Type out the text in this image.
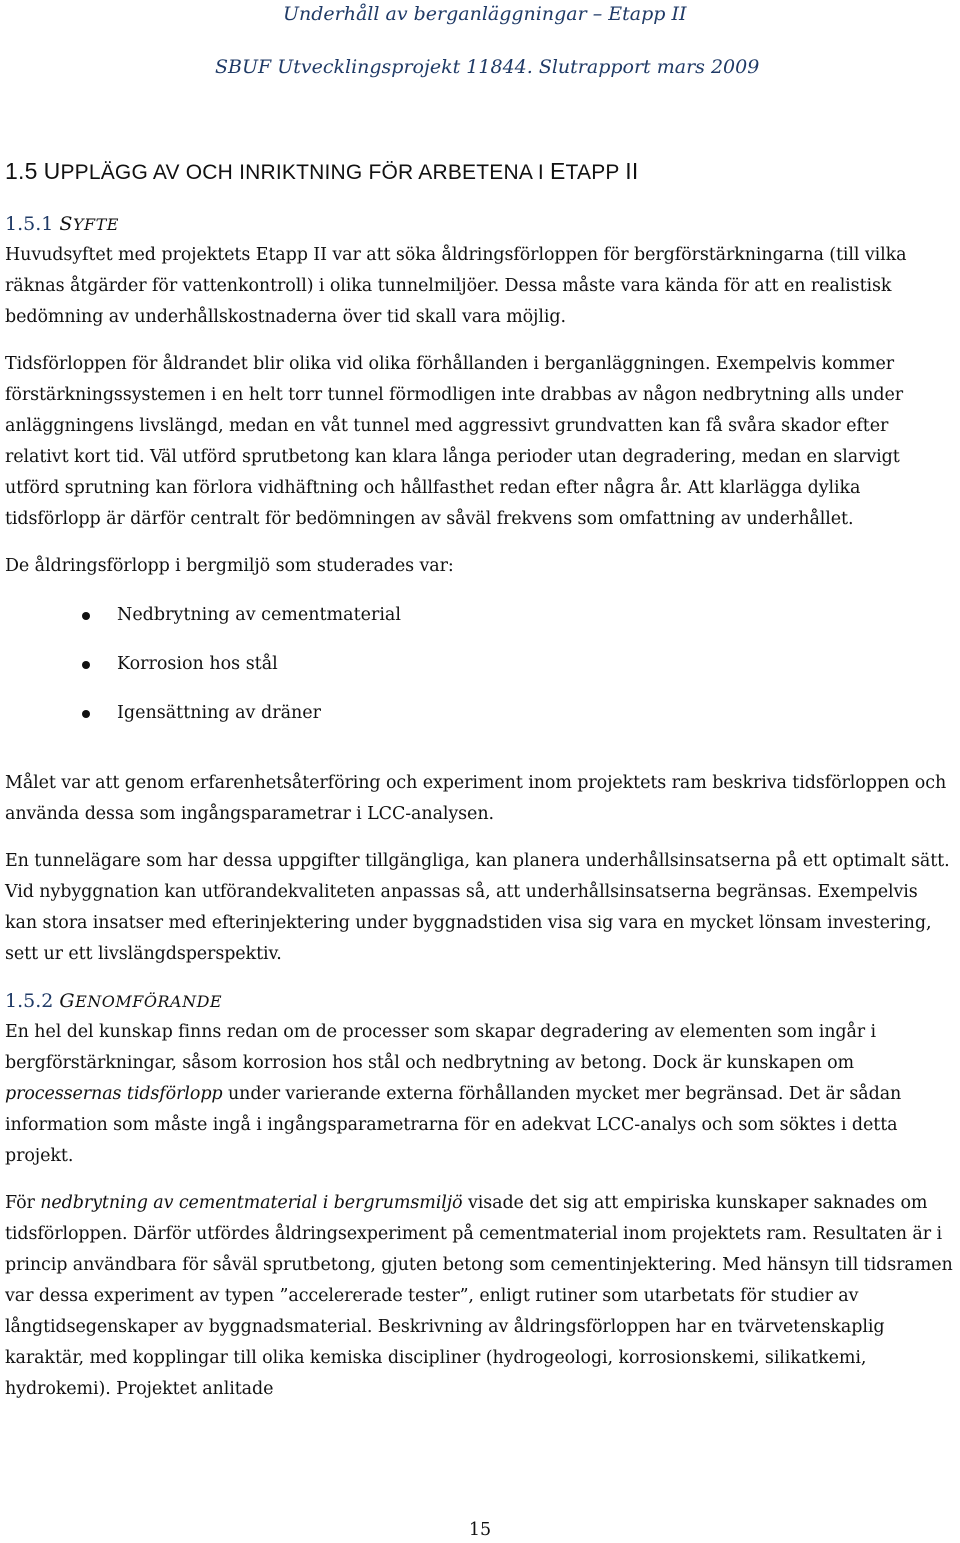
Underhåll av berganläggningar – Etapp II
SBUF Utvecklingsprojekt 11844. Slutrapport mars 2009
1.5 UPPLÄGG AV OCH INRIKTNING FÖR ARBETENA I ETAPP II
1.5.1 SYFTE

Huvudsyftet med projektets Etapp II var att söka åldringsförloppen för bergförstärkningarna (till vilka räknas åtgärder för vattenkontroll) i olika tunnelmiljöer. Dessa måste vara kända för att en realistisk bedömning av underhållskostnaderna över tid skall vara möjlig.

Tidsförloppen för åldrandet blir olika vid olika förhållanden i berganläggningen. Exempelvis kommer förstärkningssystemen i en helt torr tunnel förmodligen inte drabbas av någon nedbrytning alls under anläggningens livslängd, medan en våt tunnel med aggressivt grundvatten kan få svåra skador efter relativt kort tid. Väl utförd sprutbetong kan klara långa perioder utan degradering, medan en slarvigt utförd sprutning kan förlora vidhäftning och hållfasthet redan efter några år. Att klarlägga dylika tidsförlopp är därför centralt för bedömningen av såväl frekvens som omfattning av underhållet.

De åldringsförlopp i bergmiljö som studerades var:

Nedbrytning av cementmaterial
Korrosion hos stål
Igensättning av dräner

Målet var att genom erfarenhetsåterföring och experiment inom projektets ram beskriva tidsförloppen och använda dessa som ingångsparametrar i LCC-analysen.

En tunnelägare som har dessa uppgifter tillgängliga, kan planera underhållsinsatserna på ett optimalt sätt. Vid nybyggnation kan utförandekvaliteten anpassas så, att underhållsinsatserna begränsas. Exempelvis kan stora insatser med efterinjektering under byggnadstiden visa sig vara en mycket lönsam investering, sett ur ett livslängdsperspektiv.

1.5.2 GENOMFÖRANDE

En hel del kunskap finns redan om de processer som skapar degradering av elementen som ingår i bergförstärkningar, såsom korrosion hos stål och nedbrytning av betong. Dock är kunskapen om processernas tidsförlopp under varierande externa förhållanden mycket mer begränsad. Det är sådan information som måste ingå i ingångsparametrarna för en adekvat LCC-analys och som söktes i detta projekt.

För nedbrytning av cementmaterial i bergrumsmiljö visade det sig att empiriska kunskaper saknades om tidsförloppen. Därför utfördes åldringsexperiment på cementmaterial inom projektets ram. Resultaten är i princip användbara för såväl sprutbetong, gjuten betong som cementinjektering. Med hänsyn till tidsramen var dessa experiment av typen ”accelererade tester”, enligt rutiner som utarbetats för studier av långtidsegenskaper av byggnadsmaterial. Beskrivning av åldringsförloppen har en tvärvetenskaplig karaktär, med kopplingar till olika kemiska discipliner (hydrogeologi, korrosionskemi, silikatkemi, hydrokemi). Projektet anlitade

15
